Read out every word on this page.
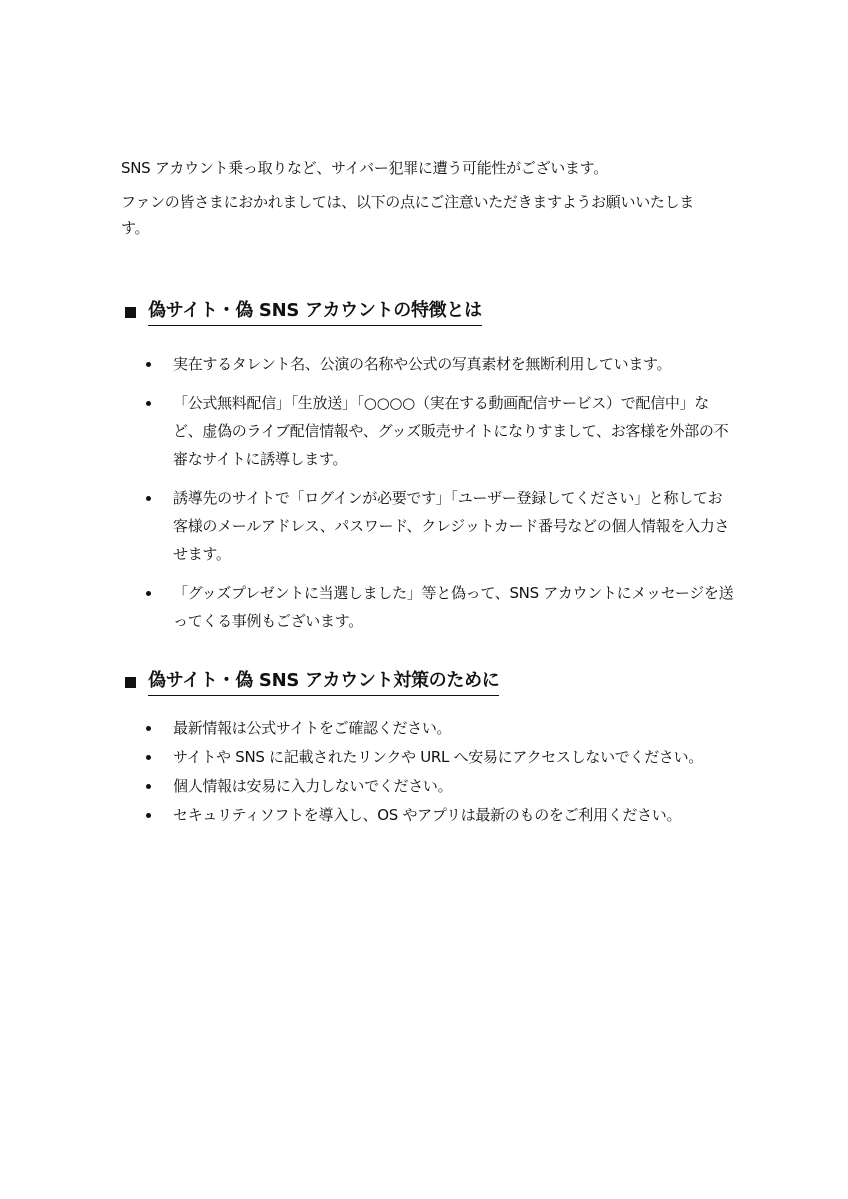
SNS アカウント乗っ取りなど、サイバー犯罪に遭う可能性がございます。

ファンの皆さまにおかれましては、以下の点にご注意いただきますようお願いいたします。

偽サイト・偽 SNS アカウントの特徴とは
実在するタレント名、公演の名称や公式の写真素材を無断利用しています。
「公式無料配信」「生放送」「○○○○（実在する動画配信サービス）で配信中」など、虚偽のライブ配信情報や、グッズ販売サイトになりすまして、お客様を外部の不審なサイトに誘導します。
誘導先のサイトで「ログインが必要です」「ユーザー登録してください」と称してお客様のメールアドレス、パスワード、クレジットカード番号などの個人情報を入力させます。
「グッズプレゼントに当選しました」等と偽って、SNS アカウントにメッセージを送ってくる事例もございます。
偽サイト・偽 SNS アカウント対策のために
最新情報は公式サイトをご確認ください。
サイトや SNS に記載されたリンクや URL へ安易にアクセスしないでください。
個人情報は安易に入力しないでください。
セキュリティソフトを導入し、OS やアプリは最新のものをご利用ください。
